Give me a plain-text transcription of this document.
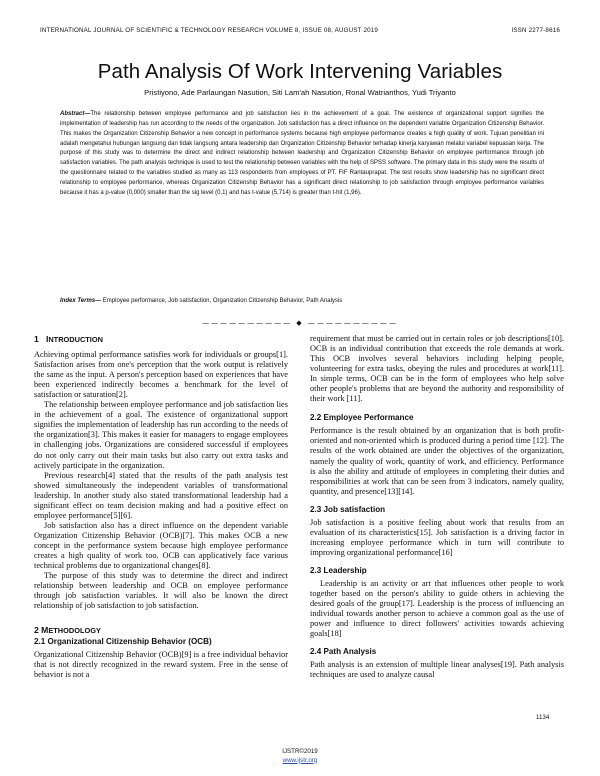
INTERNATIONAL JOURNAL OF SCIENTIFIC & TECHNOLOGY RESEARCH VOLUME 8, ISSUE 08, AUGUST 2019	ISSN 2277-8616
Path Analysis Of Work Intervening Variables
Pristiyono, Ade Parlaungan Nasution, Siti Lam'ah Nasution, Ronal Watrianthos, Yudi Triyanto
Abstract—The relationship between employee performance and job satisfaction lies in the achievement of a goal. The existence of organizational support signifies the implementation of leadership has run according to the needs of the organization. Job satisfaction has a direct influence on the dependent variable Organization Citizenship Behavior. This makes the Organization Citizenship Behavior a new concept in performance systems because high employee performance creates a high quality of work. Tujuan penelitian ini adalah mengetahui hubungan langsung dan tidak langsung antara leadership dan Organization Citizenship Behavior terhadap kinerja karyawan melalui variabel kepuasan kerja. The purpose of this study was to determine the direct and indirect relationship between leadership and Organization Citizenship Behavior on employee performance through job satisfaction variables. The path analysis technique is used to test the relationship between variables with the help of SPSS software. The primary data in this study were the results of the questionnaire related to the variables studied as many as 113 respondents from employees of PT. FIF Rantauprapat. The test results show leadership has no significant direct relationship to employee performance, whereas Organization Citizenship Behavior has a significant direct relationship to job satisfaction through employee performance variables because it has a p-value (0,000) smaller than the sig level (0,1) and has t-value (5,714) is greater than t-hit (1,96).
Index Terms— Employee performance, Job satisfaction, Organization Citizenship Behavior, Path Analysis
—————————— ◆ ——————————
1 INTRODUCTION

Achieving optimal performance satisfies work for individuals or groups[1]. Satisfaction arises from one's perception that the work output is relatively the same as the input. A person's perception based on experiences that have been experienced indirectly becomes a benchmark for the level of satisfaction or saturation[2].

The relationship between employee performance and job satisfaction lies in the achievement of a goal. The existence of organizational support signifies the implementation of leadership has run according to the needs of the organization[3]. This makes it easier for managers to engage employees in challenging jobs. Organizations are considered successful if employees do not only carry out their main tasks but also carry out extra tasks and actively participate in the organization.

Previous research[4] stated that the results of the path analysis test showed simultaneously the independent variables of transformational leadership. In another study also stated transformational leadership had a significant effect on team decision making and had a positive effect on employee performance[5][6].

Job satisfaction also has a direct influence on the dependent variable Organization Citizenship Behavior (OCB)[7]. This makes OCB a new concept in the performance system because high employee performance creates a high quality of work too. OCB can applicatively face various technical problems due to organizational changes[8].

The purpose of this study was to determine the direct and indirect relationship between leadership and OCB on employee performance through job satisfaction variables. It will also be known the direct relationship of job satisfaction to job satisfaction.

2 METHODOLOGY
2.1 Organizational Citizenship Behavior (OCB)

Organizational Citizenship Behavior (OCB)[9] is a free individual behavior that is not directly recognized in the reward system. Free in the sense of behavior is not a

requirement that must be carried out in certain roles or job descriptions[10]. OCB is an individual contribution that exceeds the role demands at work. This OCB involves several behaviors including helping people, volunteering for extra tasks, obeying the rules and procedures at work[11]. In simple terms, OCB can be in the form of employees who help solve other people's problems that are beyond the authority and responsibility of their work [11].

2.2 Employee Performance

Performance is the result obtained by an organization that is both profit-oriented and non-oriented which is produced during a period time [12]. The results of the work obtained are under the objectives of the organization, namely the quality of work, quantity of work, and efficiency. Performance is also the ability and attitude of employees in completing their duties and responsibilities at work that can be seen from 3 indicators, namely quality, quantity, and presence[13][14].

2.3 Job satisfaction

Job satisfaction is a positive feeling about work that results from an evaluation of its characteristics[15]. Job satisfaction is a driving factor in increasing employee performance which in turn will contribute to improving organizational performance[16]

2.3 Leadership

Leadership is an activity or art that influences other people to work together based on the person's ability to guide others in achieving the desired goals of the group[17]. Leadership is the process of influencing an individual towards another person to achieve a common goal as the use of power and influence to direct followers' activities towards achieving goals[18]

2.4 Path Analysis

Path analysis is an extension of multiple linear analyses[19]. Path analysis techniques are used to analyze causal

1134
IJSTR©2019
www.ijstr.org
